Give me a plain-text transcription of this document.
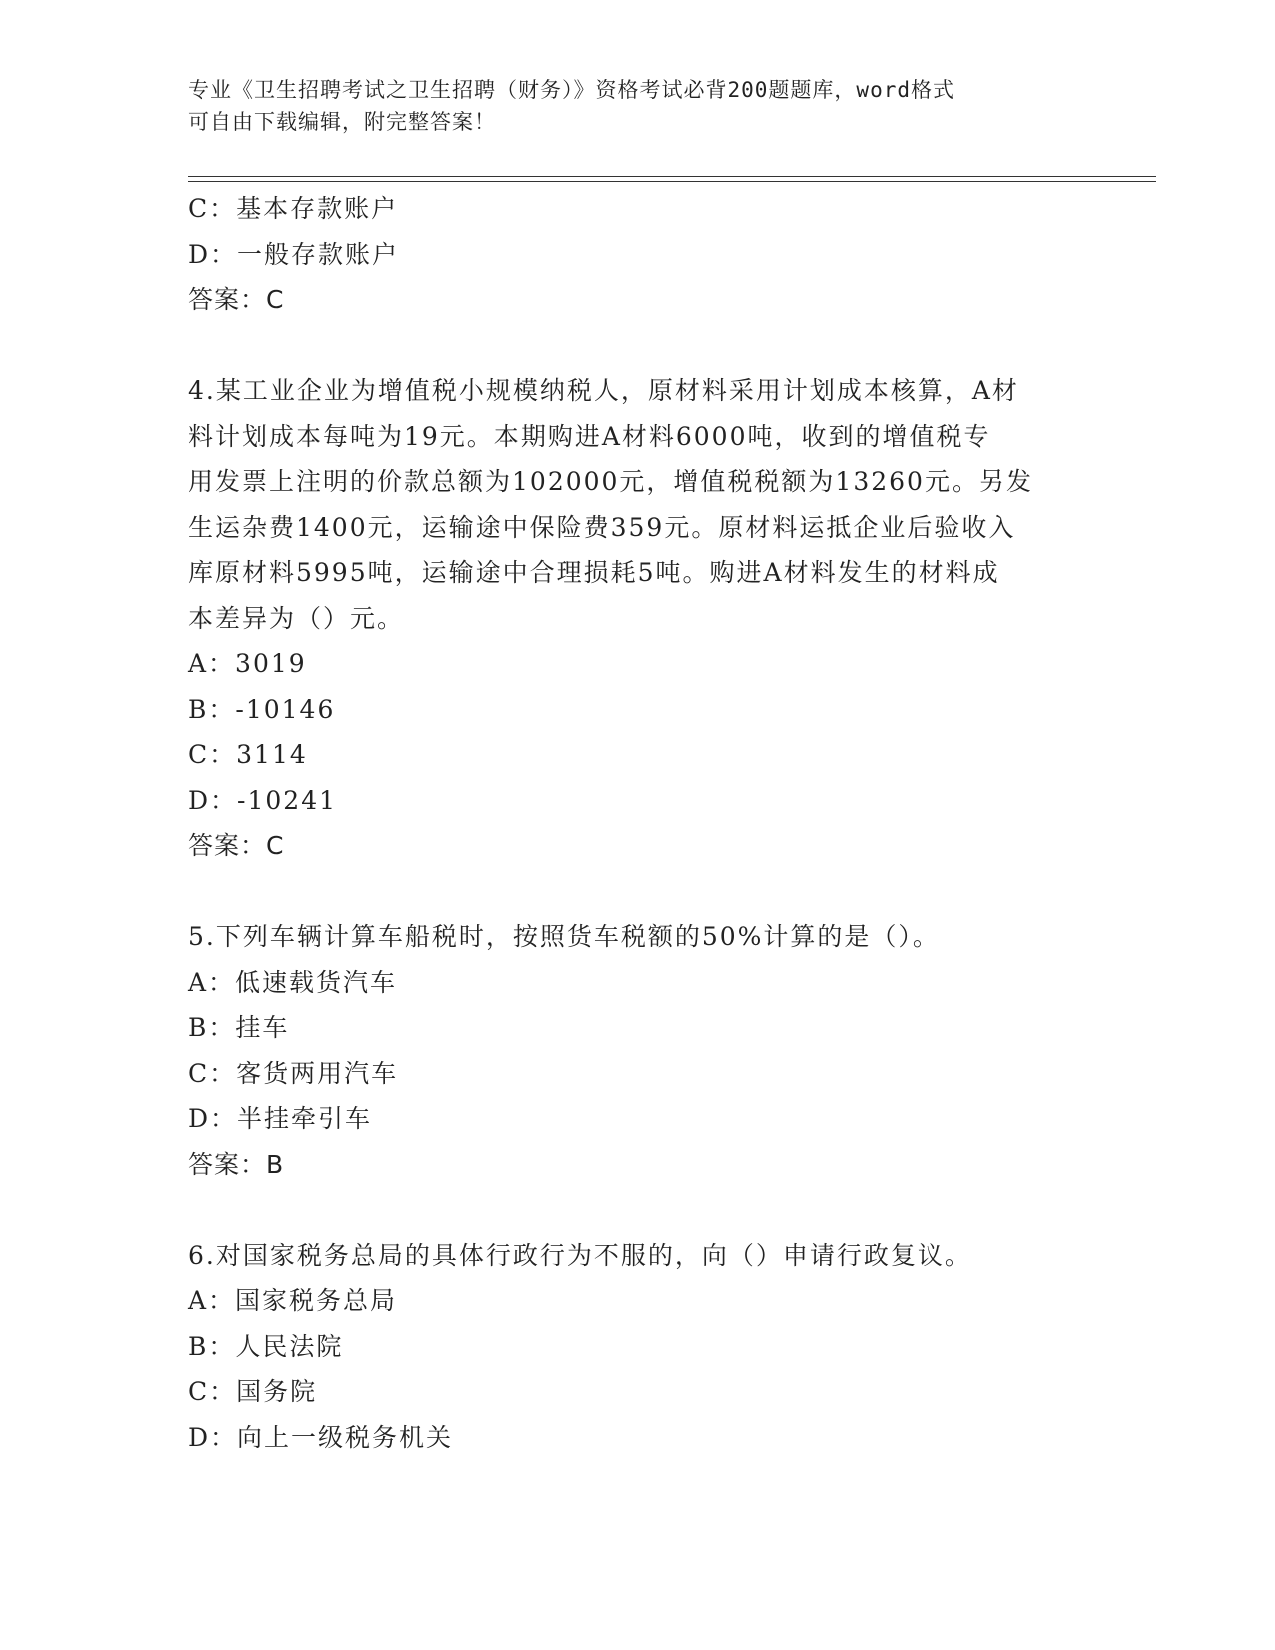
专业《卫生招聘考试之卫生招聘（财务）》资格考试必背200题题库，word格式
可自由下载编辑，附完整答案！
C：基本存款账户
D：一般存款账户
答案：C
4.某工业企业为增值税小规模纳税人，原材料采用计划成本核算，A材
料计划成本每吨为19元。本期购进A材料6000吨，收到的增值税专
用发票上注明的价款总额为102000元，增值税税额为13260元。另发
生运杂费1400元，运输途中保险费359元。原材料运抵企业后验收入
库原材料5995吨，运输途中合理损耗5吨。购进A材料发生的材料成
本差异为（）元。
A：3019
B：-10146
C：3114
D：-10241
答案：C
5.下列车辆计算车船税时，按照货车税额的50%计算的是（）。
A：低速载货汽车
B：挂车
C：客货两用汽车
D：半挂牵引车
答案：B
6.对国家税务总局的具体行政行为不服的，向（）申请行政复议。
A：国家税务总局
B：人民法院
C：国务院
D：向上一级税务机关
